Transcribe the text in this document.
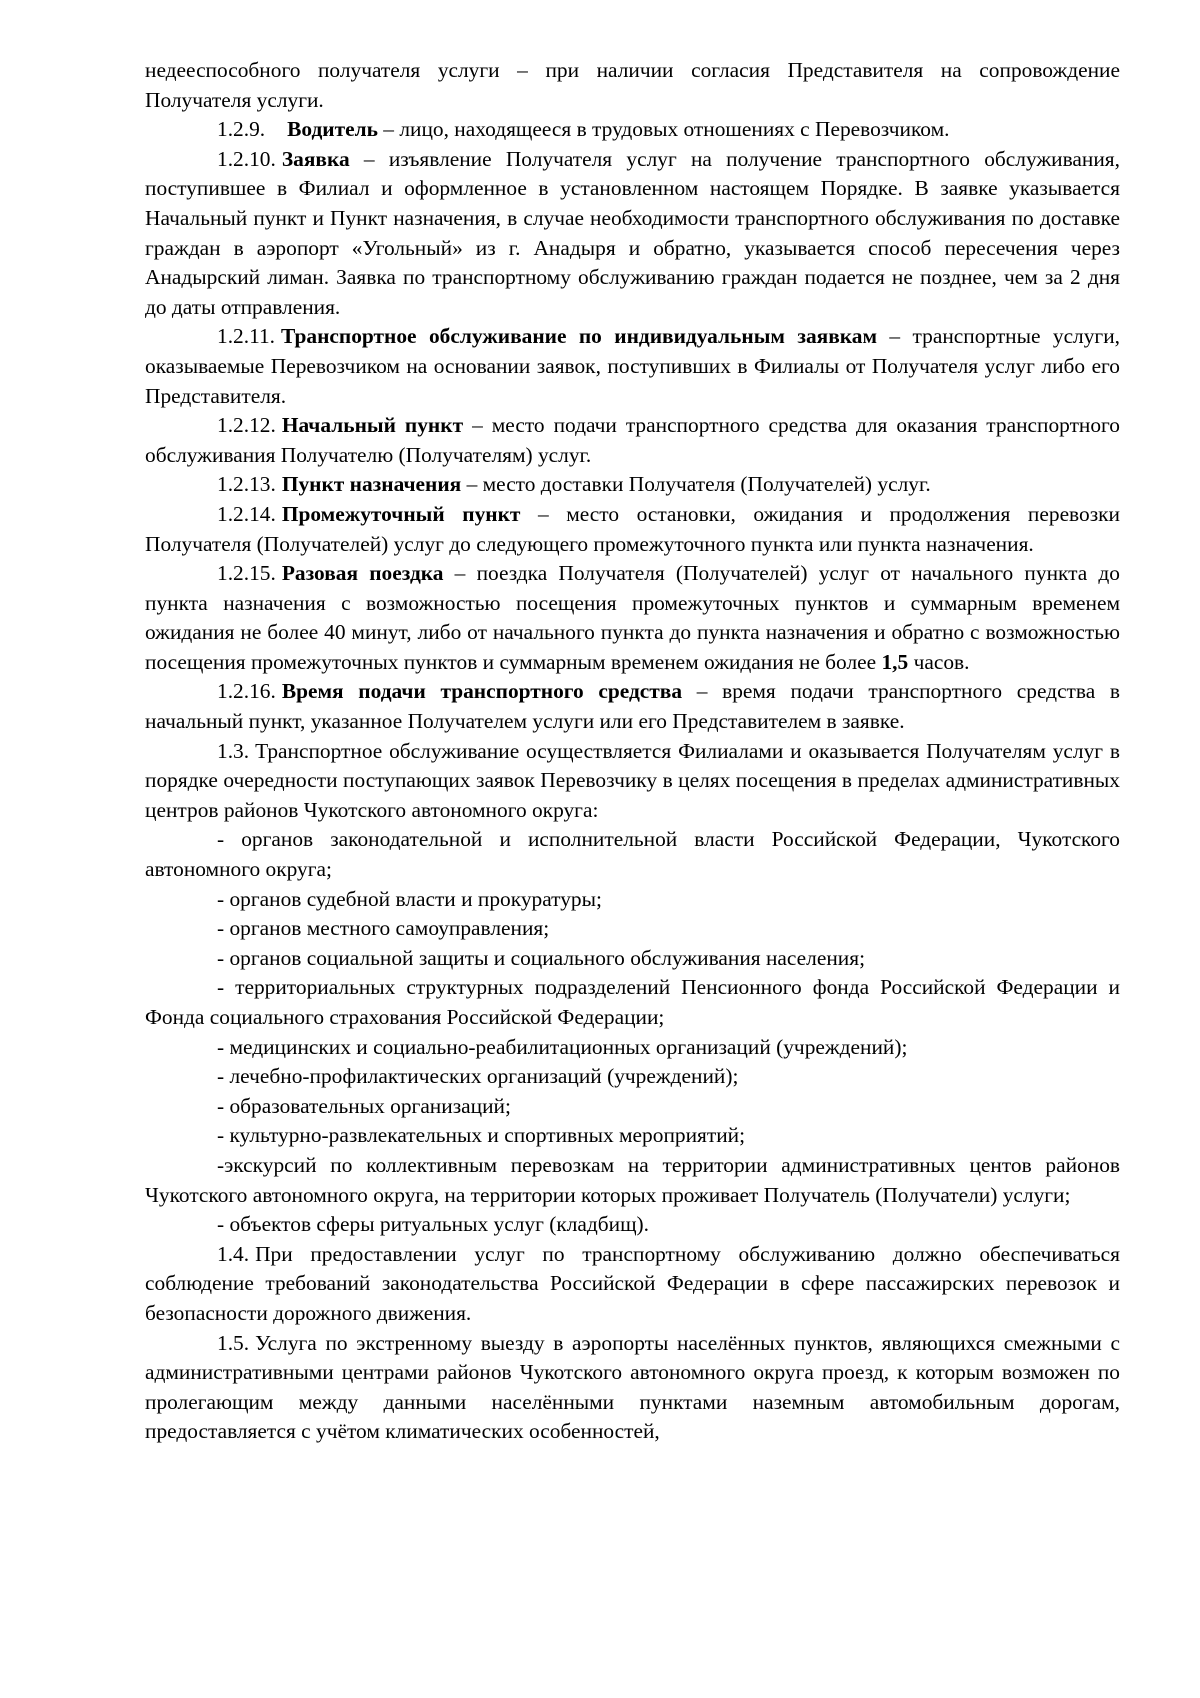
недееспособного получателя услуги – при наличии согласия Представителя на сопровождение Получателя услуги.

1.2.9. Водитель – лицо, находящееся в трудовых отношениях с Перевозчиком.

1.2.10. Заявка – изъявление Получателя услуг на получение транспортного обслуживания, поступившее в Филиал и оформленное в установленном настоящем Порядке. В заявке указывается Начальный пункт и Пункт назначения, в случае необходимости транспортного обслуживания по доставке граждан в аэропорт «Угольный» из г. Анадыря и обратно, указывается способ пересечения через Анадырский лиман. Заявка по транспортному обслуживанию граждан подается не позднее, чем за 2 дня до даты отправления.

1.2.11. Транспортное обслуживание по индивидуальным заявкам – транспортные услуги, оказываемые Перевозчиком на основании заявок, поступивших в Филиалы от Получателя услуг либо его Представителя.

1.2.12. Начальный пункт – место подачи транспортного средства для оказания транспортного обслуживания Получателю (Получателям) услуг.

1.2.13. Пункт назначения – место доставки Получателя (Получателей) услуг.

1.2.14. Промежуточный пункт – место остановки, ожидания и продолжения перевозки Получателя (Получателей) услуг до следующего промежуточного пункта или пункта назначения.

1.2.15. Разовая поездка – поездка Получателя (Получателей) услуг от начального пункта до пункта назначения с возможностью посещения промежуточных пунктов и суммарным временем ожидания не более 40 минут, либо от начального пункта до пункта назначения и обратно с возможностью посещения промежуточных пунктов и суммарным временем ожидания не более 1,5 часов.

1.2.16. Время подачи транспортного средства – время подачи транспортного средства в начальный пункт, указанное Получателем услуги или его Представителем в заявке.

1.3. Транспортное обслуживание осуществляется Филиалами и оказывается Получателям услуг в порядке очередности поступающих заявок Перевозчику в целях посещения в пределах административных центров районов Чукотского автономного округа:

- органов законодательной и исполнительной власти Российской Федерации, Чукотского автономного округа;

- органов судебной власти и прокуратуры;

- органов местного самоуправления;

- органов социальной защиты и социального обслуживания населения;

- территориальных структурных подразделений Пенсионного фонда Российской Федерации и Фонда социального страхования Российской Федерации;

- медицинских и социально-реабилитационных организаций (учреждений);

- лечебно-профилактических организаций (учреждений);

- образовательных организаций;

- культурно-развлекательных и спортивных мероприятий;

-экскурсий по коллективным перевозкам на территории административных центов районов Чукотского автономного округа, на территории которых проживает Получатель (Получатели) услуги;

- объектов сферы ритуальных услуг (кладбищ).

1.4. При предоставлении услуг по транспортному обслуживанию должно обеспечиваться соблюдение требований законодательства Российской Федерации в сфере пассажирских перевозок и безопасности дорожного движения.

1.5. Услуга по экстренному выезду в аэропорты населённых пунктов, являющихся смежными с административными центрами районов Чукотского автономного округа проезд, к которым возможен по пролегающим между данными населёнными пунктами наземным автомобильным дорогам, предоставляется с учётом климатических особенностей,
